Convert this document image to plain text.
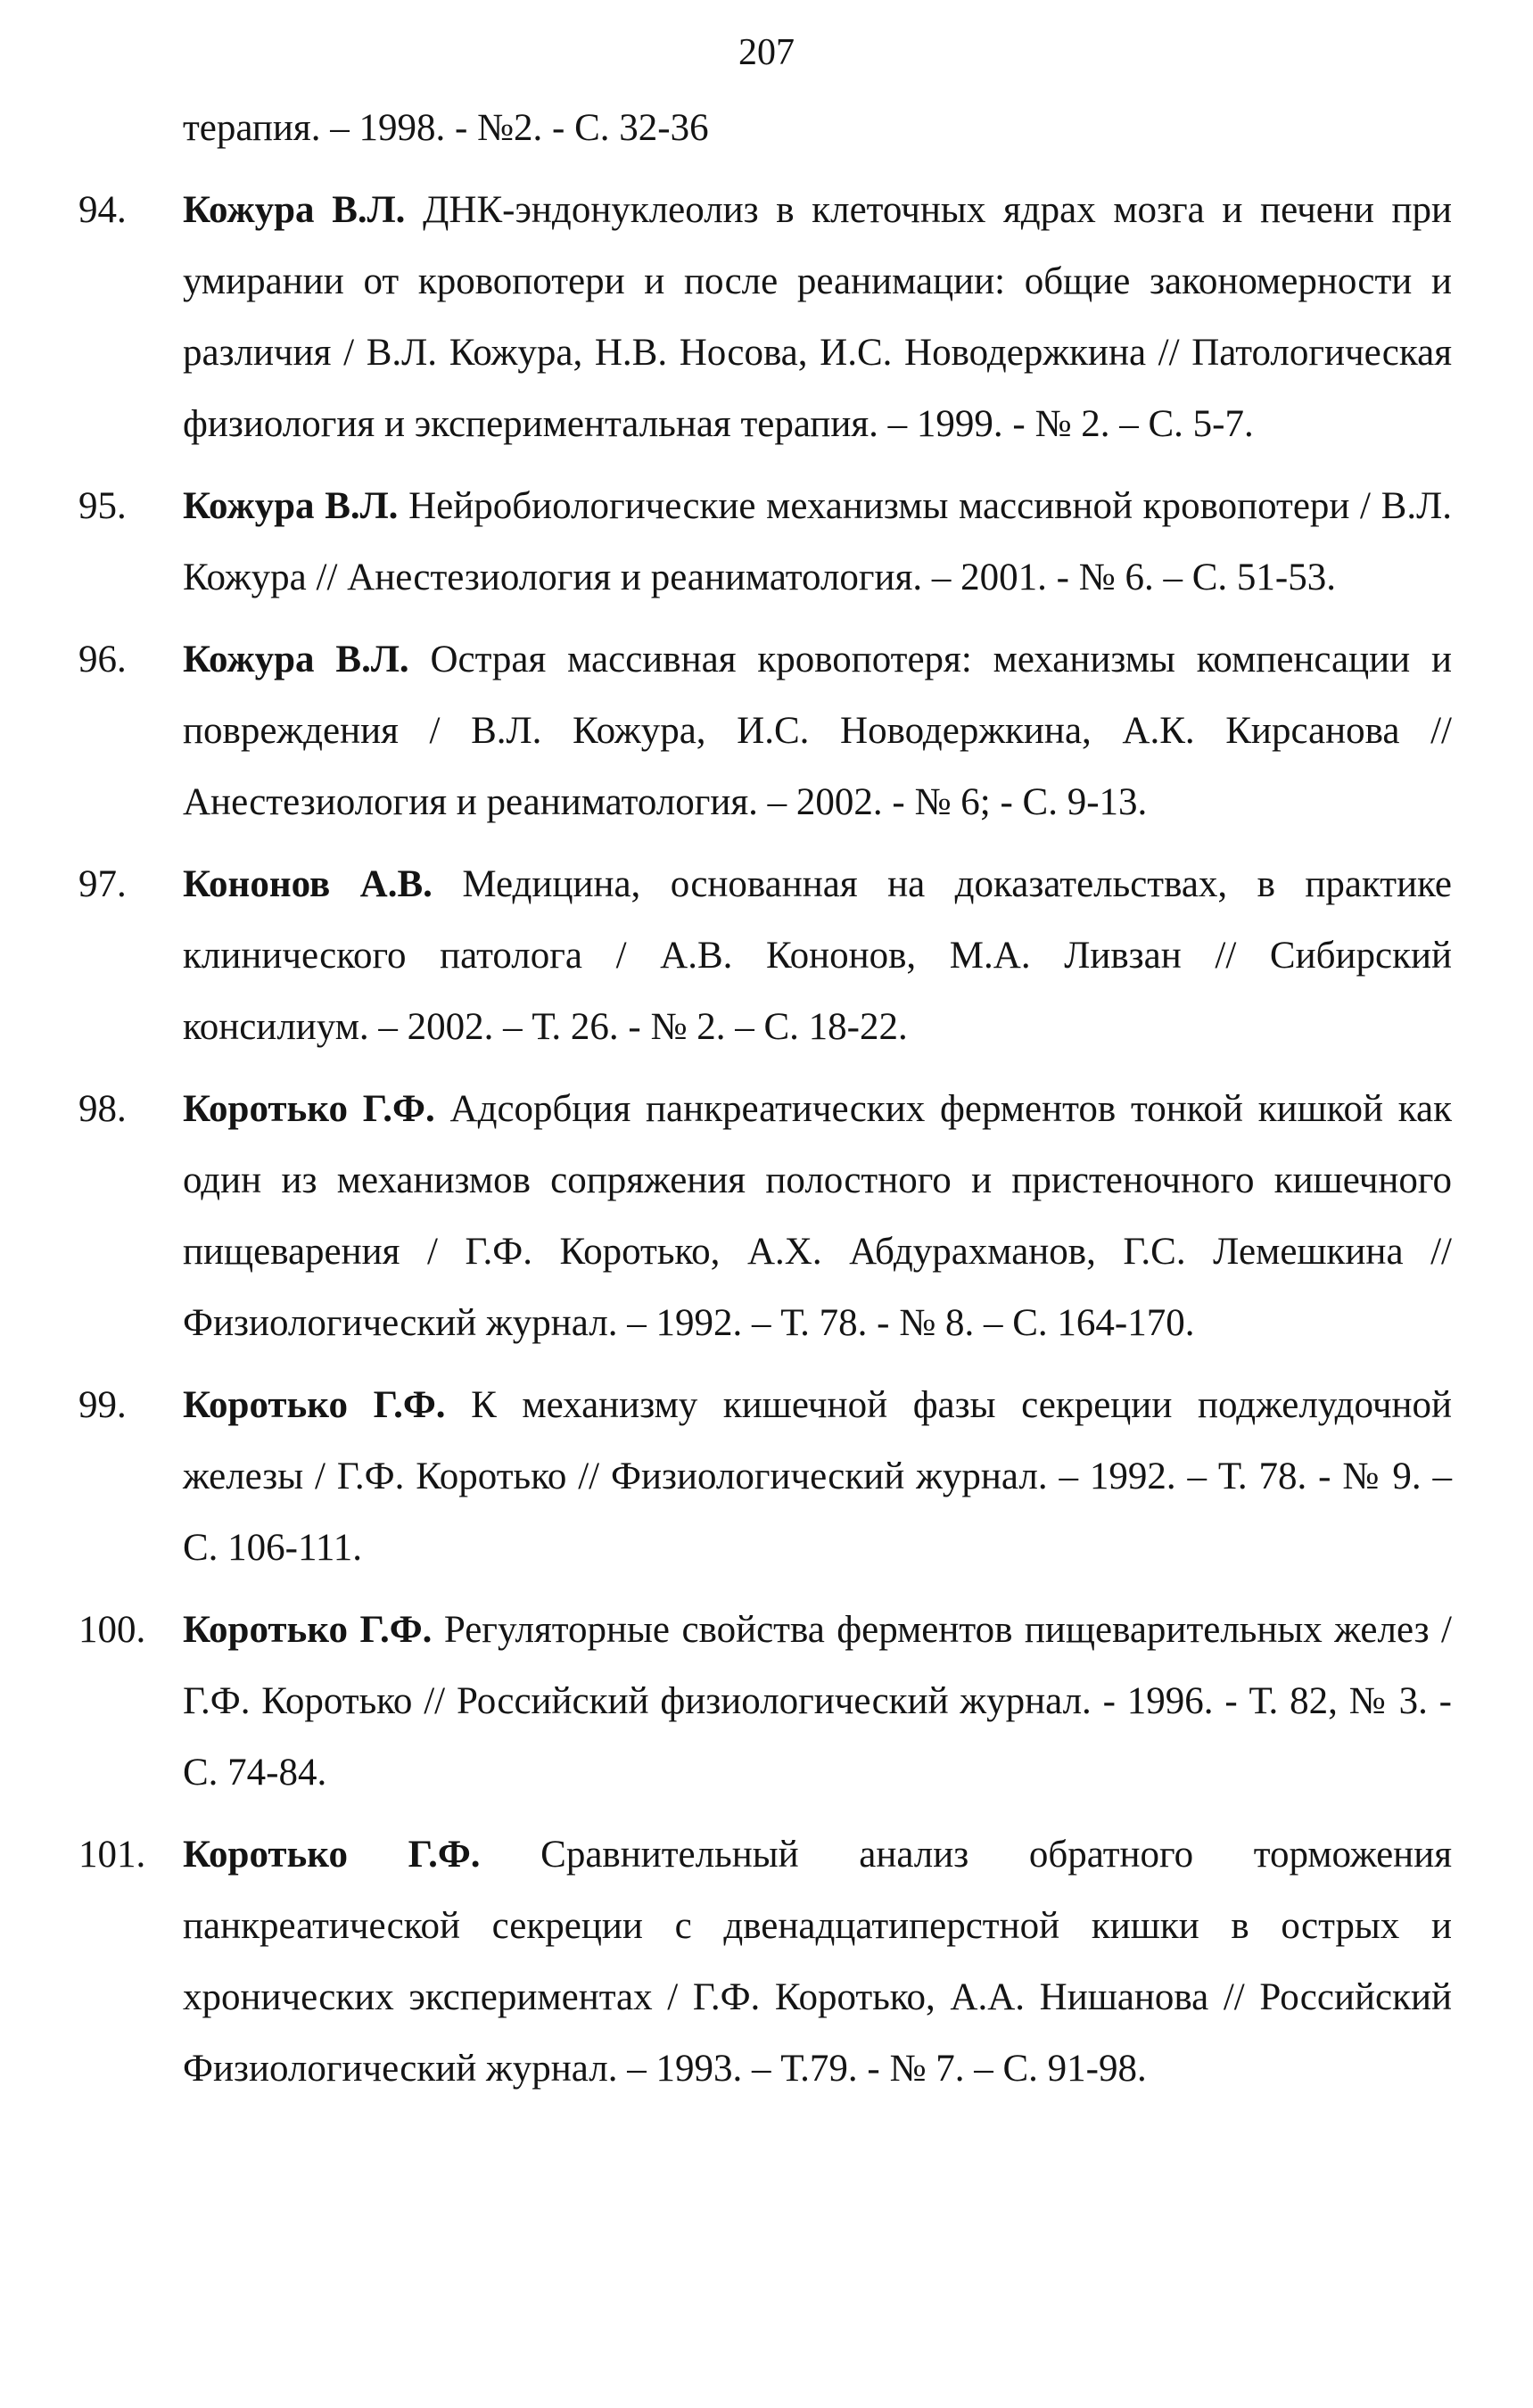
207
терапия. – 1998. - №2. - С. 32-36
94.	Кожура В.Л. ДНК-эндонуклеолиз в клеточных ядрах мозга и печени при умирании от кровопотери и после реанимации: общие закономерности и различия / В.Л. Кожура, Н.В. Носова, И.С. Новодержкина // Патологическая физиология и экспериментальная терапия. – 1999. - № 2. – С. 5-7.
95.	Кожура В.Л. Нейробиологические механизмы массивной кровопотери / В.Л. Кожура // Анестезиология и реаниматология. – 2001. - № 6. – С. 51-53.
96.	Кожура В.Л. Острая массивная кровопотеря: механизмы компенсации и повреждения / В.Л. Кожура, И.С. Новодержкина, А.К. Кирсанова // Анестезиология и реаниматология. – 2002. - № 6; - С. 9-13.
97.	Кононов А.В. Медицина, основанная на доказательствах, в практике клинического патолога / А.В. Кононов, М.А. Ливзан // Сибирский консилиум. – 2002. – Т. 26. - № 2. – С. 18-22.
98.	Коротько Г.Ф. Адсорбция панкреатических ферментов тонкой кишкой как один из механизмов сопряжения полостного и пристеночного кишечного пищеварения / Г.Ф. Коротько, А.Х. Абдурахманов, Г.С. Лемешкина // Физиологический журнал. – 1992. – Т. 78. - № 8. – С. 164-170.
99.	Коротько Г.Ф. К механизму кишечной фазы секреции поджелудочной железы / Г.Ф. Коротько // Физиологический журнал. – 1992. – Т. 78. - № 9. – С. 106-111.
100. Коротько Г.Ф. Регуляторные свойства ферментов пищеварительных желез / Г.Ф. Коротько // Российский физиологический журнал. - 1996. - Т. 82, № 3. - С. 74-84.
101. Коротько Г.Ф. Сравнительный анализ обратного торможения панкреатической секреции с двенадцатиперстной кишки в острых и хронических экспериментах / Г.Ф. Коротько, А.А. Нишанова // Российский Физиологический журнал. – 1993. – Т.79. - № 7. – С. 91-98.
